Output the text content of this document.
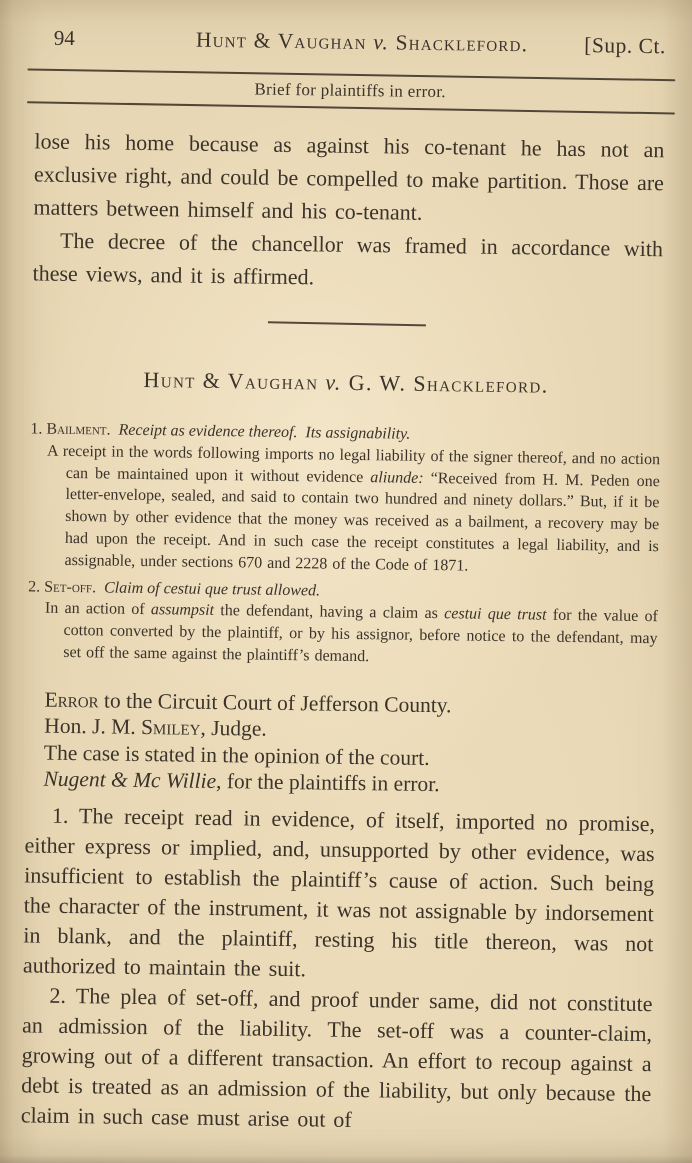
94	Hunt & Vaughan v. Shackleford.	[Sup. Ct.
Brief for plaintiffs in error.

lose his home because as against his co-tenant he has not an exclusive right, and could be compelled to make partition. Those are matters between himself and his co-tenant.

The decree of the chancellor was framed in accordance with these views, and it is affirmed.

Hunt & Vaughan v. G. W. Shackleford.
1. Bailment. Receipt as evidence thereof.  Its assignability.
A receipt in the words following imports no legal liability of the signer thereof, and no action can be maintained upon it without evidence aliunde: “Received from H. M. Peden one letter-envelope, sealed, and said to contain two hundred and ninety dollars.” But, if it be shown by other evidence that the money was received as a bailment, a recovery may be had upon the receipt. And in such case the receipt constitutes a legal liability, and is assignable, under sections 670 and 2228 of the Code of 1871.
2. Set-off. Claim of cestui que trust allowed.
In an action of assumpsit the defendant, having a claim as cestui que trust for the value of cotton converted by the plaintiff, or by his assignor, before notice to the defendant, may set off the same against the plaintiff’s demand.

Error to the Circuit Court of Jefferson County.

Hon. J. M. Smiley, Judge.

The case is stated in the opinion of the court.

Nugent & Mc Willie, for the plaintiffs in error.

1. The receipt read in evidence, of itself, imported no promise, either express or implied, and, unsupported by other evidence, was insufficient to establish the plaintiff’s cause of action. Such being the character of the instrument, it was not assignable by indorsement in blank, and the plaintiff, resting his title thereon, was not authorized to maintain the suit.

2. The plea of set-off, and proof under same, did not constitute an admission of the liability. The set-off was a counter-claim, growing out of a different transaction. An effort to recoup against a debt is treated as an admission of the liability, but only because the claim in such case must arise out of
